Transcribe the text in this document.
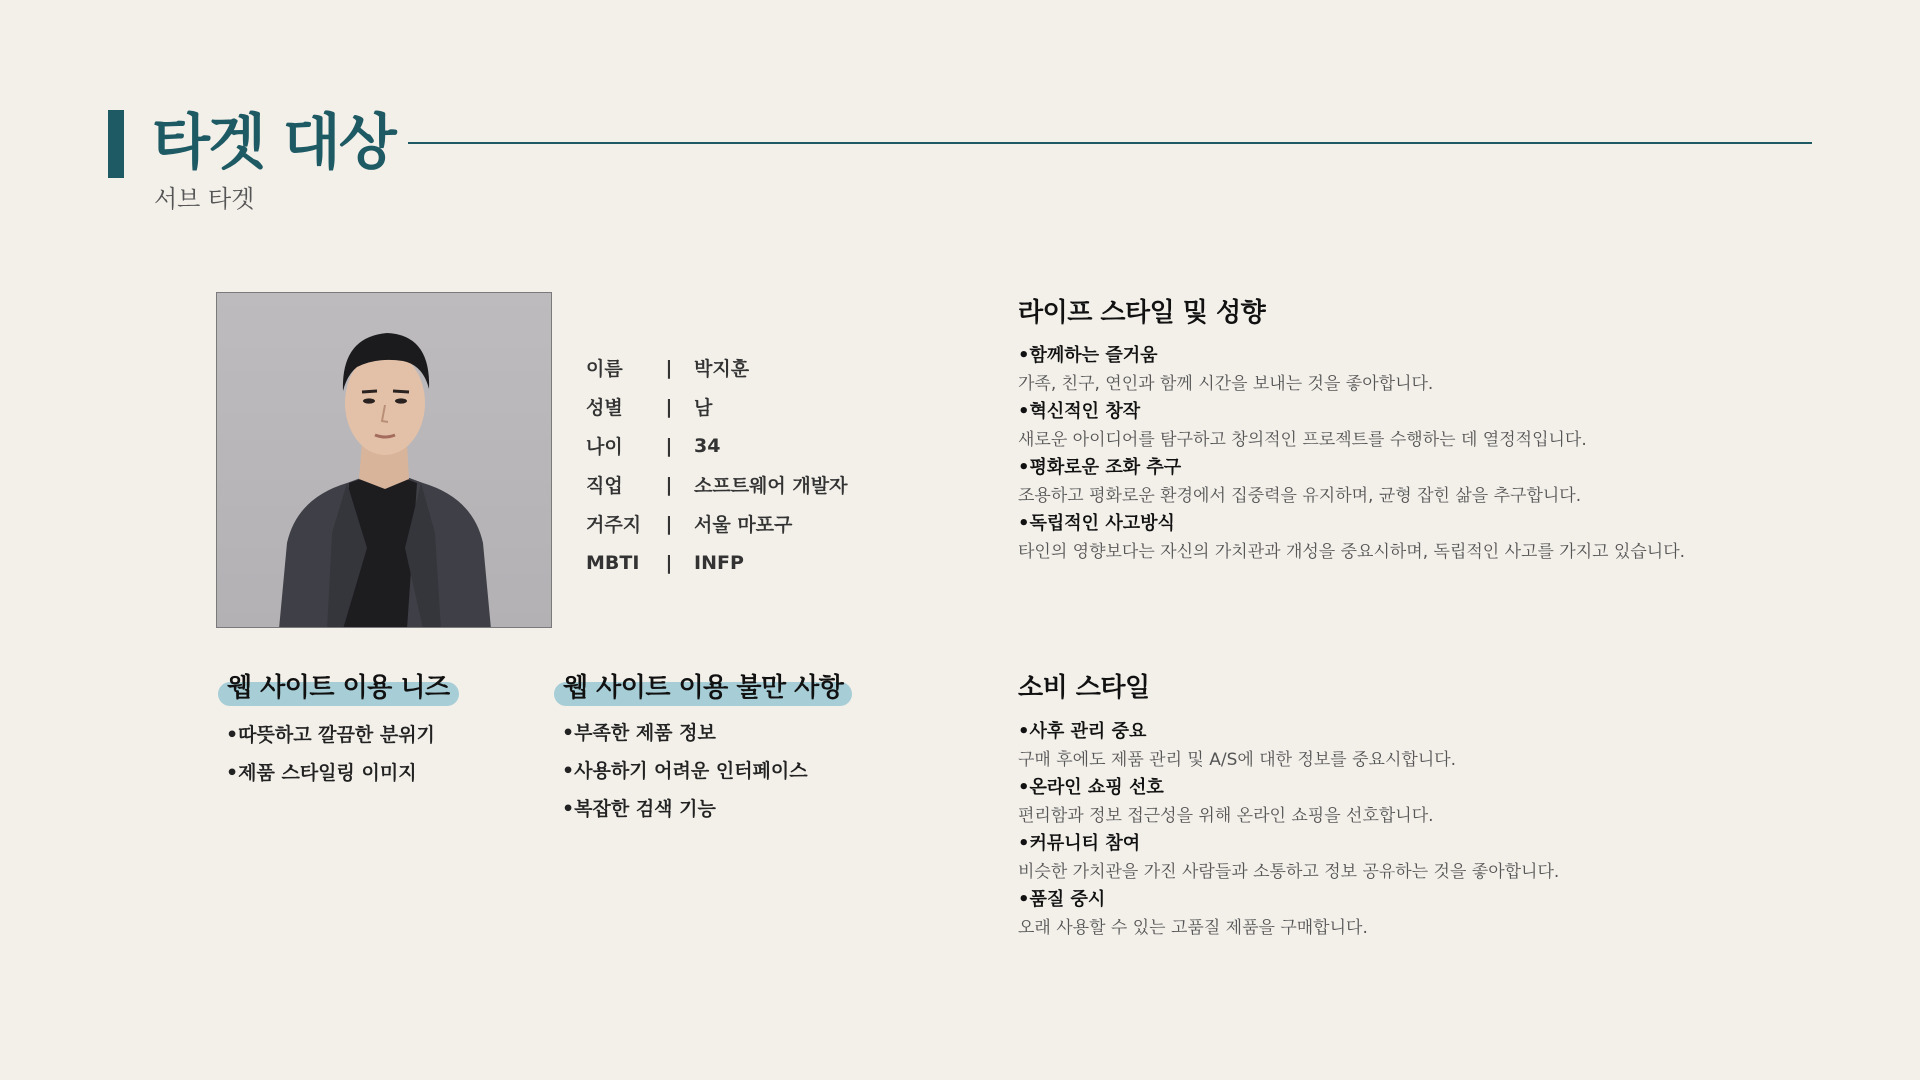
타겟 대상
서브 타겟
이름	|	박지훈
성별	|	남
나이	|	34
직업	|	소프트웨어 개발자
거주지	|	서울 마포구
MBTI	|	INFP
라이프 스타일 및 성향
•함께하는 즐거움
가족, 친구, 연인과 함께 시간을 보내는 것을 좋아합니다.
•혁신적인 창작
새로운 아이디어를 탐구하고 창의적인 프로젝트를 수행하는 데 열정적입니다.
•평화로운 조화 추구
조용하고 평화로운 환경에서 집중력을 유지하며, 균형 잡힌 삶을 추구합니다.
•독립적인 사고방식
타인의 영향보다는 자신의 가치관과 개성을 중요시하며, 독립적인 사고를 가지고 있습니다.
웹 사이트 이용 니즈
•따뜻하고 깔끔한 분위기
•제품 스타일링 이미지
웹 사이트 이용 불만 사항
•부족한 제품 정보
•사용하기 어려운 인터페이스
•복잡한 검색 기능
소비 스타일
•사후 관리 중요
구매 후에도 제품 관리 및 A/S에 대한 정보를 중요시합니다.
•온라인 쇼핑 선호
편리함과 정보 접근성을 위해 온라인 쇼핑을 선호합니다.
•커뮤니티 참여
비슷한 가치관을 가진 사람들과 소통하고 정보 공유하는 것을 좋아합니다.
•품질 중시
오래 사용할 수 있는 고품질 제품을 구매합니다.
